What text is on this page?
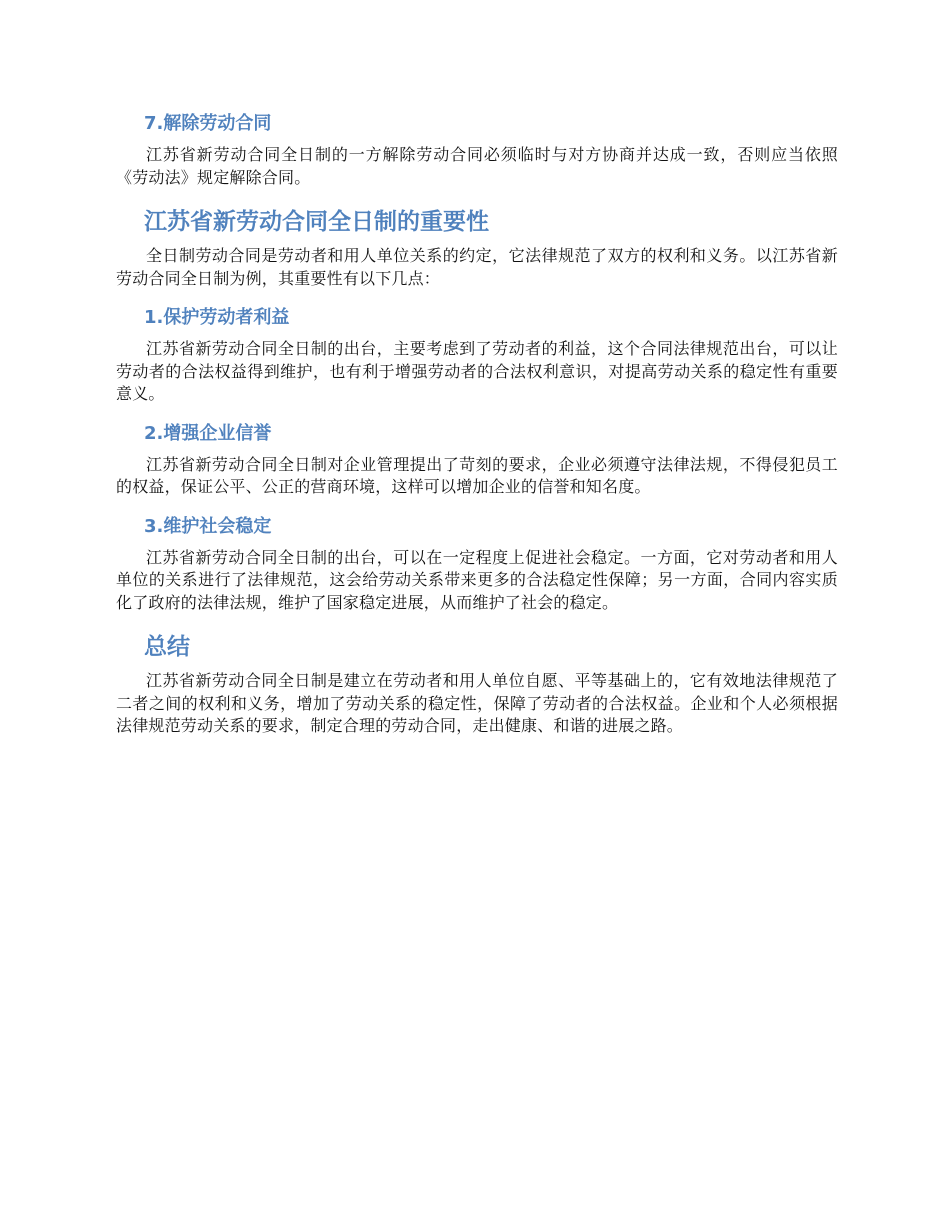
7.解除劳动合同

江苏省新劳动合同全日制的一方解除劳动合同必须临时与对方协商并达成一致，否则应当依照《劳动法》规定解除合同。

江苏省新劳动合同全日制的重要性

全日制劳动合同是劳动者和用人单位关系的约定，它法律规范了双方的权利和义务。以江苏省新劳动合同全日制为例，其重要性有以下几点：

1.保护劳动者利益

江苏省新劳动合同全日制的出台，主要考虑到了劳动者的利益，这个合同法律规范出台，可以让劳动者的合法权益得到维护，也有利于增强劳动者的合法权利意识，对提高劳动关系的稳定性有重要意义。

2.增强企业信誉

江苏省新劳动合同全日制对企业管理提出了苛刻的要求，企业必须遵守法律法规，不得侵犯员工的权益，保证公平、公正的营商环境，这样可以增加企业的信誉和知名度。

3.维护社会稳定

江苏省新劳动合同全日制的出台，可以在一定程度上促进社会稳定。一方面，它对劳动者和用人单位的关系进行了法律规范，这会给劳动关系带来更多的合法稳定性保障；另一方面，合同内容实质化了政府的法律法规，维护了国家稳定进展，从而维护了社会的稳定。

总结

江苏省新劳动合同全日制是建立在劳动者和用人单位自愿、平等基础上的，它有效地法律规范了二者之间的权利和义务，增加了劳动关系的稳定性，保障了劳动者的合法权益。企业和个人必须根据法律规范劳动关系的要求，制定合理的劳动合同，走出健康、和谐的进展之路。
